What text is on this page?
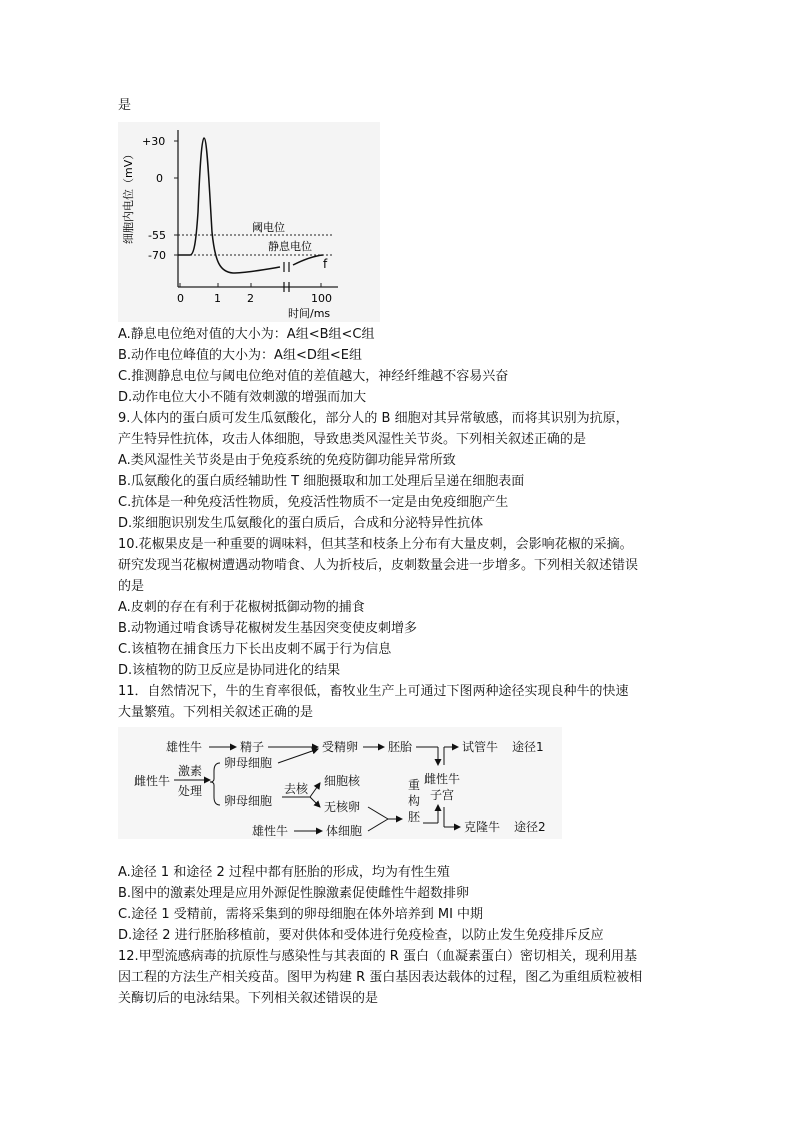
是
细胞内电位（mV）
+30
0
-55
-70
阈电位
静息电位
f
0	1 2	100
时间/ms
A.静息电位绝对值的大小为：A组<B组<C组
B.动作电位峰值的大小为：A组<D组<E组
C.推测静息电位与阈电位绝对值的差值越大，神经纤维越不容易兴奋
D.动作电位大小不随有效刺激的增强而加大
9.人体内的蛋白质可发生瓜氨酸化，部分人的 B 细胞对其异常敏感，而将其识别为抗原，
产生特异性抗体，攻击人体细胞，导致患类风湿性关节炎。下列相关叙述正确的是
A.类风湿性关节炎是由于免疫系统的免疫防御功能异常所致
B.瓜氨酸化的蛋白质经辅助性 T 细胞摄取和加工处理后呈递在细胞表面
C.抗体是一种免疫活性物质，免疫活性物质不一定是由免疫细胞产生
D.浆细胞识别发生瓜氨酸化的蛋白质后，合成和分泌特异性抗体
10.花椒果皮是一种重要的调味料，但其茎和枝条上分布有大量皮刺，会影响花椒的采摘。
研究发现当花椒树遭遇动物啃食、人为折枝后，皮刺数量会进一步增多。下列相关叙述错误
的是
A.皮刺的存在有利于花椒树抵御动物的捕食
B.动物通过啃食诱导花椒树发生基因突变使皮刺增多
C.该植物在捕食压力下长出皮刺不属于行为信息
D.该植物的防卫反应是协同进化的结果
11．自然情况下，牛的生育率很低，畜牧业生产上可通过下图两种途径实现良种牛的快速
大量繁殖。下列相关叙述正确的是
雄性牛	精子	受精卵 胚胎	试管牛 途径1
雌性牛
激素
处理
卵母细胞
卵母细胞
去核
细胞核
无核卵
雌性牛
子宫
重
构
胚
雄性牛	体细胞	克隆牛 途径2
A.途径 1 和途径 2 过程中都有胚胎的形成，均为有性生殖
B.图中的激素处理是应用外源促性腺激素促使雌性牛超数排卵
C.途径 1 受精前，需将采集到的卵母细胞在体外培养到 MI 中期
D.途径 2 进行胚胎移植前，要对供体和受体进行免疫检查，以防止发生免疫排斥反应
12.甲型流感病毒的抗原性与感染性与其表面的 R 蛋白（血凝素蛋白）密切相关，现利用基
因工程的方法生产相关疫苗。图甲为构建 R 蛋白基因表达载体的过程，图乙为重组质粒被相
关酶切后的电泳结果。下列相关叙述错误的是
